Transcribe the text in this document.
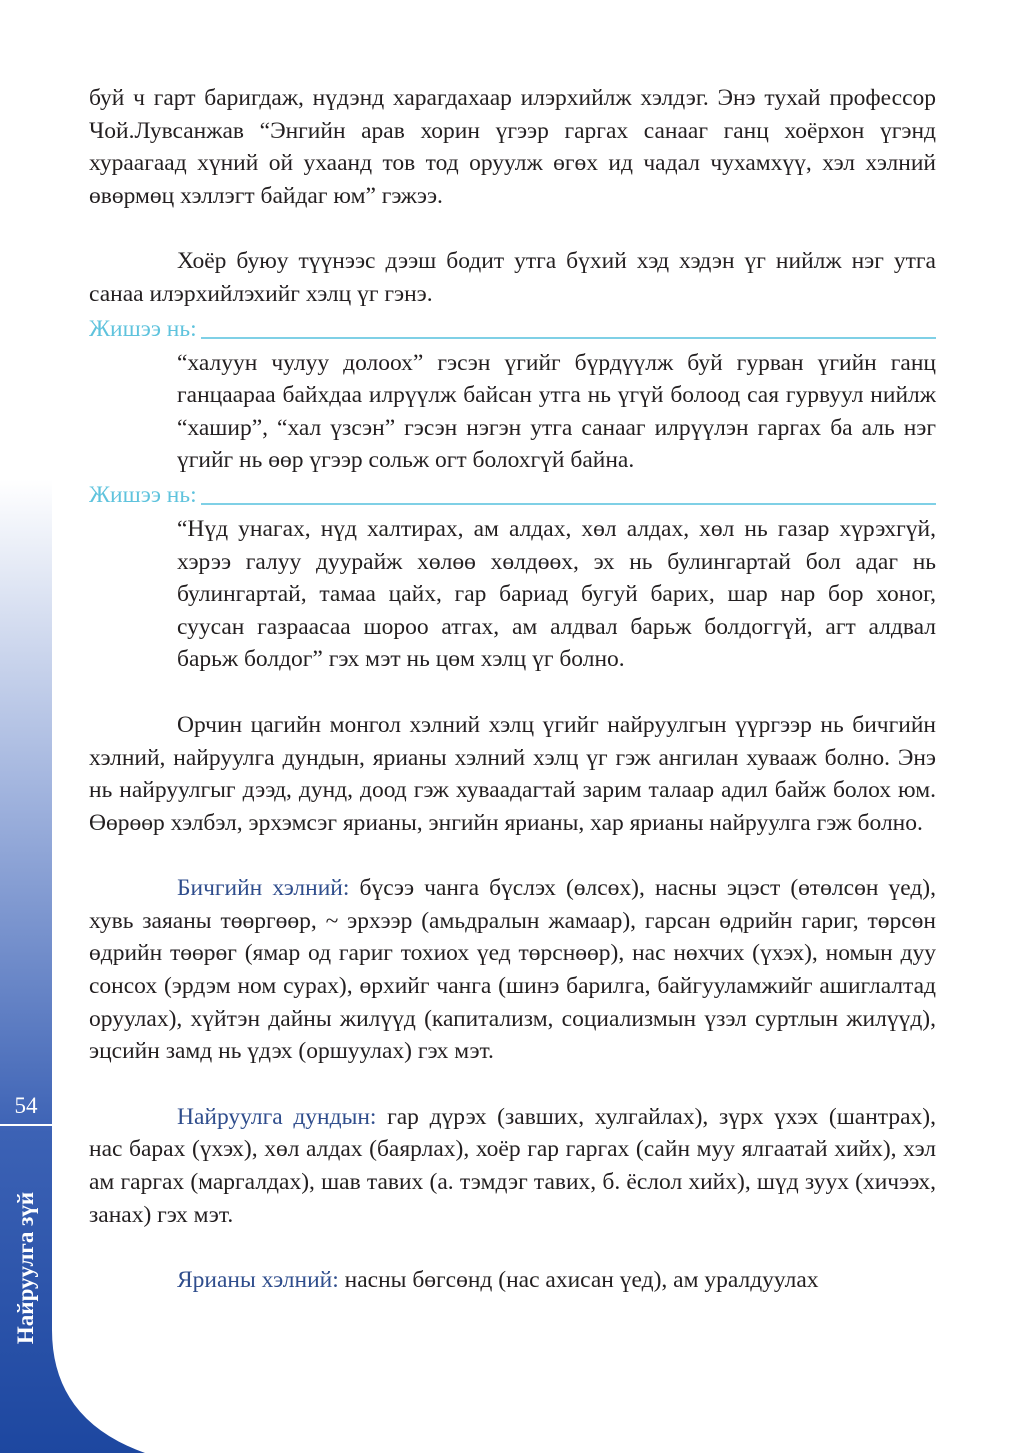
54
Найруулга зүй

буй ч гарт баригдаж, нүдэнд харагдахаар илэрхийлж хэлдэг. Энэ тухай профессор Чой.Лувсанжав “Энгийн арав хорин үгээр гаргах санааг ганц хоёрхон үгэнд хураагаад хүний ой ухаанд тов тод оруулж өгөх ид чадал чухамхүү, хэл хэлний өвөрмөц хэллэгт байдаг юм” гэжээ.

Хоёр буюу түүнээс дээш бодит утга бүхий хэд хэдэн үг нийлж нэг утга санаа илэрхийлэхийг хэлц үг гэнэ.

Жишээ нь:

“халуун чулуу долоох” гэсэн үгийг бүрдүүлж буй гурван үгийн ганц ганцаараа байхдаа илрүүлж байсан утга нь үгүй болоод сая гурвуул нийлж “хашир”, “хал үзсэн” гэсэн нэгэн утга санааг илрүүлэн гаргах ба аль нэг үгийг нь өөр үгээр сольж огт болохгүй байна.

Жишээ нь:

“Нүд унагах, нүд халтирах, ам алдах, хөл алдах, хөл нь газар хүрэхгүй, хэрээ галуу дуурайж хөлөө хөлдөөх, эх нь булингартай бол адаг нь булингартай, тамаа цайх, гар бариад бугуй барих, шар нар бор хоног, суусан газраасаа шороо атгах, ам алдвал барьж болдоггүй, агт алдвал барьж болдог” гэх мэт нь цөм хэлц үг болно.

Орчин цагийн монгол хэлний хэлц үгийг найруулгын үүргээр нь бичгийн хэлний, найруулга дундын, ярианы хэлний хэлц үг гэж ангилан хувааж болно. Энэ нь найруулгыг дээд, дунд, доод гэж хуваадагтай зарим талаар адил байж болох юм. Өөрөөр хэлбэл, эрхэмсэг ярианы, энгийн ярианы, хар ярианы найруулга гэж болно.

Бичгийн хэлний: бүсээ чанга бүслэх (өлсөх), насны эцэст (өтөлсөн үед), хувь заяаны төөргөөр, ~ эрхээр (амьдралын жамаар), гарсан өдрийн гариг, төрсөн өдрийн төөрөг (ямар од гариг тохиох үед төрснөөр), нас нөхчих (үхэх), номын дуу сонсох (эрдэм ном сурах), өрхийг чанга (шинэ барилга, байгууламжийг ашиглалтад оруулах), хүйтэн дайны жилүүд (капитализм, социализмын үзэл суртлын жилүүд), эцсийн замд нь үдэх (оршуулах) гэх мэт.

Найруулга дундын: гар дүрэх (завших, хулгайлах), зүрх үхэх (шантрах), нас барах (үхэх), хөл алдах (баярлах), хоёр гар гаргах (сайн муу ялгаатай хийх), хэл ам гаргах (маргалдах), шав тавих (а. тэмдэг тавих, б. ёслол хийх), шүд зуух (хичээх, занах) гэх мэт.

Ярианы хэлний: насны бөгсөнд (нас ахисан үед), ам уралдуулах
